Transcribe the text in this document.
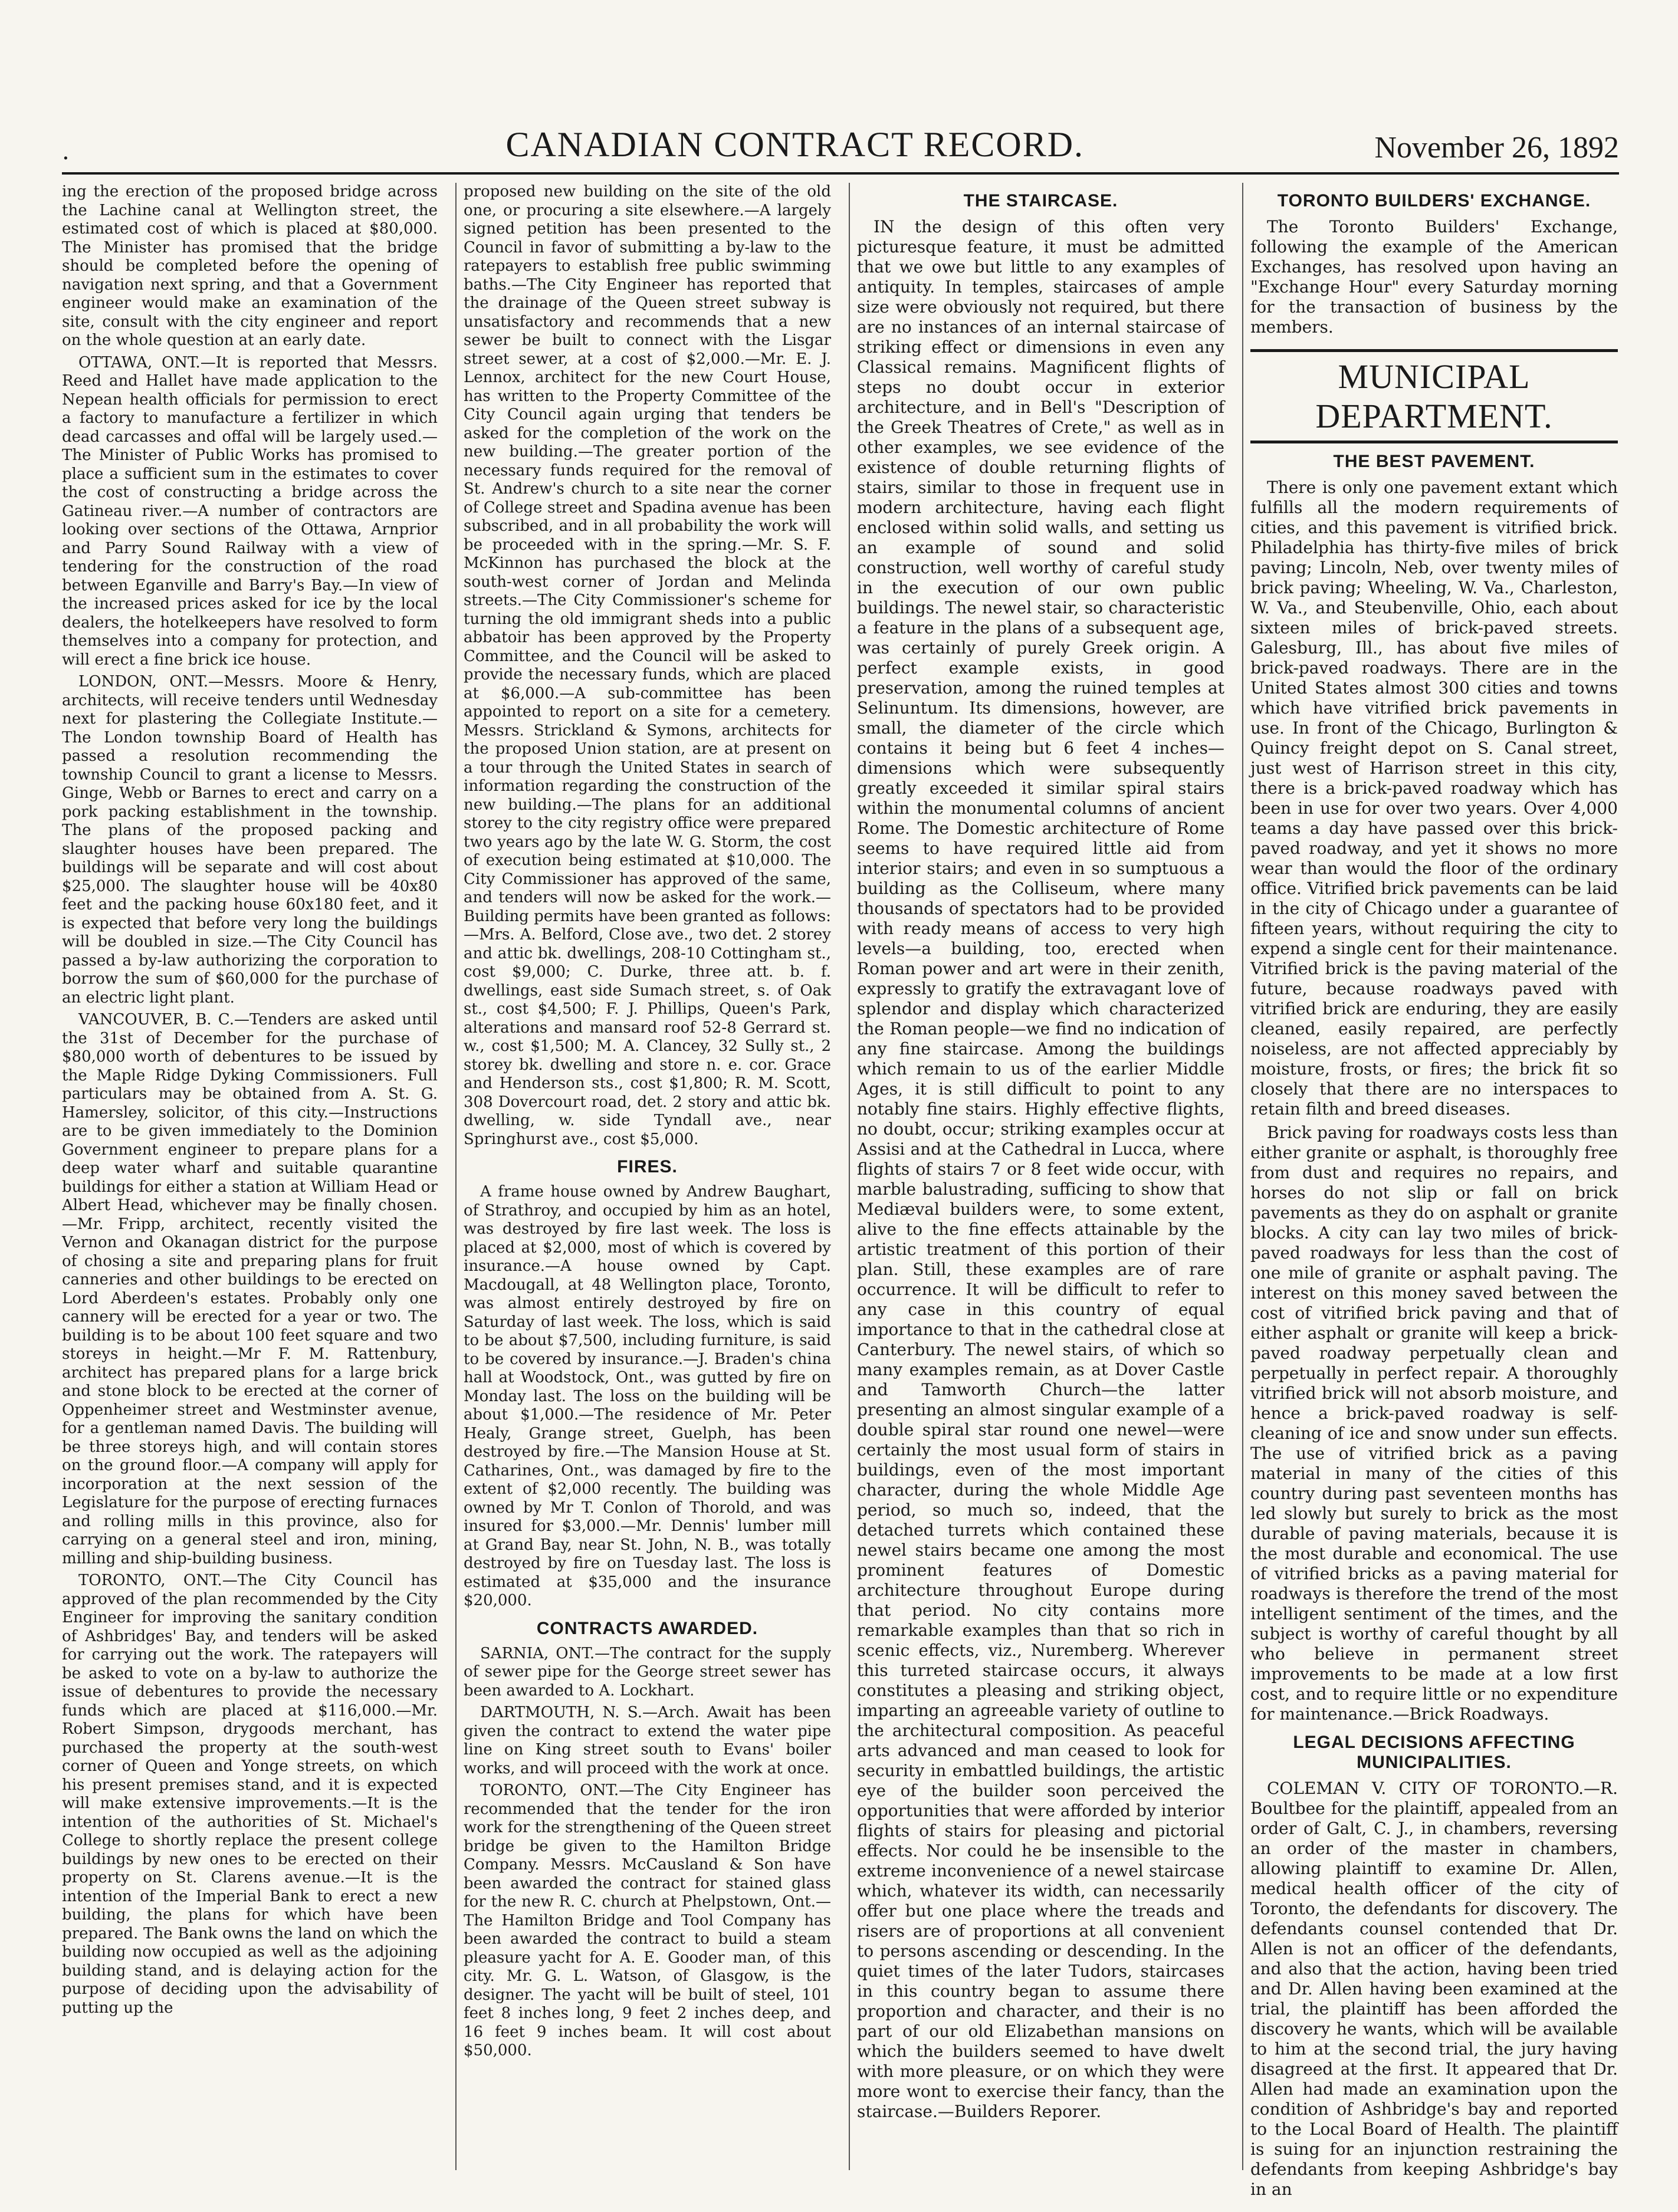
.	CANADIAN CONTRACT RECORD.	November 26, 1892

ing the erection of the proposed bridge across the Lachine canal at Wellington street, the estimated cost of which is placed at $80,000. The Minister has promised that the bridge should be completed before the opening of navigation next spring, and that a Government engineer would make an examination of the site, consult with the city engineer and report on the whole question at an early date.

OTTAWA, ONT.—It is reported that Messrs. Reed and Hallet have made application to the Nepean health officials for permission to erect a factory to manufacture a fertilizer in which dead carcasses and offal will be largely used.—The Minister of Public Works has promised to place a sufficient sum in the estimates to cover the cost of constructing a bridge across the Gatineau river.—A number of contractors are looking over sections of the Ottawa, Arnprior and Parry Sound Railway with a view of tendering for the construction of the road between Eganville and Barry's Bay.—In view of the increased prices asked for ice by the local dealers, the hotelkeepers have resolved to form themselves into a company for protection, and will erect a fine brick ice house.

LONDON, ONT.—Messrs. Moore & Henry, architects, will receive tenders until Wednesday next for plastering the Collegiate Institute.—The London township Board of Health has passed a resolution recommending the township Council to grant a license to Messrs. Ginge, Webb or Barnes to erect and carry on a pork packing establishment in the township. The plans of the proposed packing and slaughter houses have been prepared. The buildings will be separate and will cost about $25,000. The slaughter house will be 40x80 feet and the packing house 60x180 feet, and it is expected that before very long the buildings will be doubled in size.—The City Council has passed a by-law authorizing the corporation to borrow the sum of $60,000 for the purchase of an electric light plant.

VANCOUVER, B. C.—Tenders are asked until the 31st of December for the purchase of $80,000 worth of debentures to be issued by the Maple Ridge Dyking Commissioners. Full particulars may be obtained from A. St. G. Hamersley, solicitor, of this city.—Instructions are to be given immediately to the Dominion Government engineer to prepare plans for a deep water wharf and suitable quarantine buildings for either a station at William Head or Albert Head, whichever may be finally chosen.—Mr. Fripp, architect, recently visited the Vernon and Okanagan district for the purpose of chosing a site and preparing plans for fruit canneries and other buildings to be erected on Lord Aberdeen's estates. Probably only one cannery will be erected for a year or two. The building is to be about 100 feet square and two storeys in height.—Mr F. M. Rattenbury, architect has prepared plans for a large brick and stone block to be erected at the corner of Oppenheimer street and Westminster avenue, for a gentleman named Davis. The building will be three storeys high, and will contain stores on the ground floor.—A company will apply for incorporation at the next session of the Legislature for the purpose of erecting furnaces and rolling mills in this province, also for carrying on a general steel and iron, mining, milling and ship-building business.

TORONTO, ONT.—The City Council has approved of the plan recommended by the City Engineer for improving the sanitary condition of Ashbridges' Bay, and tenders will be asked for carrying out the work. The ratepayers will be asked to vote on a by-law to authorize the issue of debentures to provide the necessary funds which are placed at $116,000.—Mr. Robert Simpson, drygoods merchant, has purchased the property at the south-west corner of Queen and Yonge streets, on which his present premises stand, and it is expected will make extensive improvements.—It is the intention of the authorities of St. Michael's College to shortly replace the present college buildings by new ones to be erected on their property on St. Clarens avenue.—It is the intention of the Imperial Bank to erect a new building, the plans for which have been prepared. The Bank owns the land on which the building now occupied as well as the adjoining building stand, and is delaying action for the purpose of deciding upon the advisability of putting up the

proposed new building on the site of the old one, or procuring a site elsewhere.—A largely signed petition has been presented to the Council in favor of submitting a by-law to the ratepayers to establish free public swimming baths.—The City Engineer has reported that the drainage of the Queen street subway is unsatisfactory and recommends that a new sewer be built to connect with the Lisgar street sewer, at a cost of $2,000.—Mr. E. J. Lennox, architect for the new Court House, has written to the Property Committee of the City Council again urging that tenders be asked for the completion of the work on the new building.—The greater portion of the necessary funds required for the removal of St. Andrew's church to a site near the corner of College street and Spadina avenue has been subscribed, and in all probability the work will be proceeded with in the spring.—Mr. S. F. McKinnon has purchased the block at the south-west corner of Jordan and Melinda streets.—The City Commissioner's scheme for turning the old immigrant sheds into a public abbatoir has been approved by the Property Committee, and the Council will be asked to provide the necessary funds, which are placed at $6,000.—A sub-committee has been appointed to report on a site for a cemetery. Messrs. Strickland & Symons, architects for the proposed Union station, are at present on a tour through the United States in search of information regarding the construction of the new building.—The plans for an additional storey to the city registry office were prepared two years ago by the late W. G. Storm, the cost of execution being estimated at $10,000. The City Commissioner has approved of the same, and tenders will now be asked for the work.—Building permits have been granted as follows:—Mrs. A. Belford, Close ave., two det. 2 storey and attic bk. dwellings, 208-10 Cottingham st., cost $9,000; C. Durke, three att. b. f. dwellings, east side Sumach street, s. of Oak st., cost $4,500; F. J. Phillips, Queen's Park, alterations and mansard roof 52-8 Gerrard st. w., cost $1,500; M. A. Clancey, 32 Sully st., 2 storey bk. dwelling and store n. e. cor. Grace and Henderson sts., cost $1,800; R. M. Scott, 308 Dovercourt road, det. 2 story and attic bk. dwelling, w. side Tyndall ave., near Springhurst ave., cost $5,000.

FIRES.

A frame house owned by Andrew Baughart, of Strathroy, and occupied by him as an hotel, was destroyed by fire last week. The loss is placed at $2,000, most of which is covered by insurance.—A house owned by Capt. Macdougall, at 48 Wellington place, Toronto, was almost entirely destroyed by fire on Saturday of last week. The loss, which is said to be about $7,500, including furniture, is said to be covered by insurance.—J. Braden's china hall at Woodstock, Ont., was gutted by fire on Monday last. The loss on the building will be about $1,000.—The residence of Mr. Peter Healy, Grange street, Guelph, has been destroyed by fire.—The Mansion House at St. Catharines, Ont., was damaged by fire to the extent of $2,000 recently. The building was owned by Mr T. Conlon of Thorold, and was insured for $3,000.—Mr. Dennis' lumber mill at Grand Bay, near St. John, N. B., was totally destroyed by fire on Tuesday last. The loss is estimated at $35,000 and the insurance $20,000.

CONTRACTS AWARDED.

SARNIA, ONT.—The contract for the supply of sewer pipe for the George street sewer has been awarded to A. Lockhart.

DARTMOUTH, N. S.—Arch. Await has been given the contract to extend the water pipe line on King street south to Evans' boiler works, and will proceed with the work at once.

TORONTO, ONT.—The City Engineer has recommended that the tender for the iron work for the strengthening of the Queen street bridge be given to the Hamilton Bridge Company. Messrs. McCausland & Son have been awarded the contract for stained glass for the new R. C. church at Phelpstown, Ont.—The Hamilton Bridge and Tool Company has been awarded the contract to build a steam pleasure yacht for A. E. Gooder man, of this city. Mr. G. L. Watson, of Glasgow, is the designer. The yacht will be built of steel, 101 feet 8 inches long, 9 feet 2 inches deep, and 16 feet 9 inches beam. It will cost about $50,000.

THE STAIRCASE.

IN the design of this often very picturesque feature, it must be admitted that we owe but little to any examples of antiquity. In temples, staircases of ample size were obviously not required, but there are no instances of an internal staircase of striking effect or dimensions in even any Classical remains. Magnificent flights of steps no doubt occur in exterior architecture, and in Bell's "Description of the Greek Theatres of Crete," as well as in other examples, we see evidence of the existence of double returning flights of stairs, similar to those in frequent use in modern architecture, having each flight enclosed within solid walls, and setting us an example of sound and solid construction, well worthy of careful study in the execution of our own public buildings. The newel stair, so characteristic a feature in the plans of a subsequent age, was certainly of purely Greek origin. A perfect example exists, in good preservation, among the ruined temples at Selinuntum. Its dimensions, however, are small, the diameter of the circle which contains it being but 6 feet 4 inches—dimensions which were subsequently greatly exceeded it similar spiral stairs within the monumental columns of ancient Rome. The Domestic architecture of Rome seems to have required little aid from interior stairs; and even in so sumptuous a building as the Colliseum, where many thousands of spectators had to be provided with ready means of access to very high levels—a building, too, erected when Roman power and art were in their zenith, expressly to gratify the extravagant love of splendor and display which characterized the Roman people—we find no indication of any fine staircase. Among the buildings which remain to us of the earlier Middle Ages, it is still difficult to point to any notably fine stairs. Highly effective flights, no doubt, occur; striking examples occur at Assisi and at the Cathedral in Lucca, where flights of stairs 7 or 8 feet wide occur, with marble balustrading, sufficing to show that Mediæval builders were, to some extent, alive to the fine effects attainable by the artistic treatment of this portion of their plan. Still, these examples are of rare occurrence. It will be difficult to refer to any case in this country of equal importance to that in the cathedral close at Canterbury. The newel stairs, of which so many examples remain, as at Dover Castle and Tamworth Church—the latter presenting an almost singular example of a double spiral star round one newel—were certainly the most usual form of stairs in buildings, even of the most important character, during the whole Middle Age period, so much so, indeed, that the detached turrets which contained these newel stairs became one among the most prominent features of Domestic architecture throughout Europe during that period. No city contains more remarkable examples than that so rich in scenic effects, viz., Nuremberg. Wherever this turreted staircase occurs, it always constitutes a pleasing and striking object, imparting an agreeable variety of outline to the architectural composition. As peaceful arts advanced and man ceased to look for security in embattled buildings, the artistic eye of the builder soon perceived the opportunities that were afforded by interior flights of stairs for pleasing and pictorial effects. Nor could he be insensible to the extreme inconvenience of a newel staircase which, whatever its width, can necessarily offer but one place where the treads and risers are of proportions at all convenient to persons ascending or descending. In the quiet times of the later Tudors, staircases in this country began to assume there proportion and character, and their is no part of our old Elizabethan mansions on which the builders seemed to have dwelt with more pleasure, or on which they were more wont to exercise their fancy, than the staircase.—Builders Reporer.

TORONTO BUILDERS' EXCHANGE.

The Toronto Builders' Exchange, following the example of the American Exchanges, has resolved upon having an "Exchange Hour" every Saturday morning for the transaction of business by the members.

MUNICIPAL DEPARTMENT.
THE BEST PAVEMENT.

There is only one pavement extant which fulfills all the modern requirements of cities, and this pavement is vitrified brick. Philadelphia has thirty-five miles of brick paving; Lincoln, Neb, over twenty miles of brick paving; Wheeling, W. Va., Charleston, W. Va., and Steubenville, Ohio, each about sixteen miles of brick-paved streets. Galesburg, Ill., has about five miles of brick-paved roadways. There are in the United States almost 300 cities and towns which have vitrified brick pavements in use. In front of the Chicago, Burlington & Quincy freight depot on S. Canal street, just west of Harrison street in this city, there is a brick-paved roadway which has been in use for over two years. Over 4,000 teams a day have passed over this brick-paved roadway, and yet it shows no more wear than would the floor of the ordinary office. Vitrified brick pavements can be laid in the city of Chicago under a guarantee of fifteen years, without requiring the city to expend a single cent for their maintenance. Vitrified brick is the paving material of the future, because roadways paved with vitrified brick are enduring, they are easily cleaned, easily repaired, are perfectly noiseless, are not affected appreciably by moisture, frosts, or fires; the brick fit so closely that there are no interspaces to retain filth and breed diseases.

Brick paving for roadways costs less than either granite or asphalt, is thoroughly free from dust and requires no repairs, and horses do not slip or fall on brick pavements as they do on asphalt or granite blocks. A city can lay two miles of brick-paved roadways for less than the cost of one mile of granite or asphalt paving. The interest on this money saved between the cost of vitrified brick paving and that of either asphalt or granite will keep a brick-paved roadway perpetually clean and perpetually in perfect repair. A thoroughly vitrified brick will not absorb moisture, and hence a brick-paved roadway is self-cleaning of ice and snow under sun effects. The use of vitrified brick as a paving material in many of the cities of this country during past seventeen months has led slowly but surely to brick as the most durable of paving materials, because it is the most durable and economical. The use of vitrified bricks as a paving material for roadways is therefore the trend of the most intelligent sentiment of the times, and the subject is worthy of careful thought by all who believe in permanent street improvements to be made at a low first cost, and to require little or no expenditure for maintenance.—Brick Roadways.

LEGAL DECISIONS AFFECTING MUNICIPALITIES.

COLEMAN V. CITY OF TORONTO.—R. Boultbee for the plaintiff, appealed from an order of Galt, C. J., in chambers, reversing an order of the master in chambers, allowing plaintiff to examine Dr. Allen, medical health officer of the city of Toronto, the defendants for discovery. The defendants counsel contended that Dr. Allen is not an officer of the defendants, and also that the action, having been tried and Dr. Allen having been examined at the trial, the plaintiff has been afforded the discovery he wants, which will be available to him at the second trial, the jury having disagreed at the first. It appeared that Dr. Allen had made an examination upon the condition of Ashbridge's bay and reported to the Local Board of Health. The plaintiff is suing for an injunction restraining the defendants from keeping Ashbridge's bay in an
